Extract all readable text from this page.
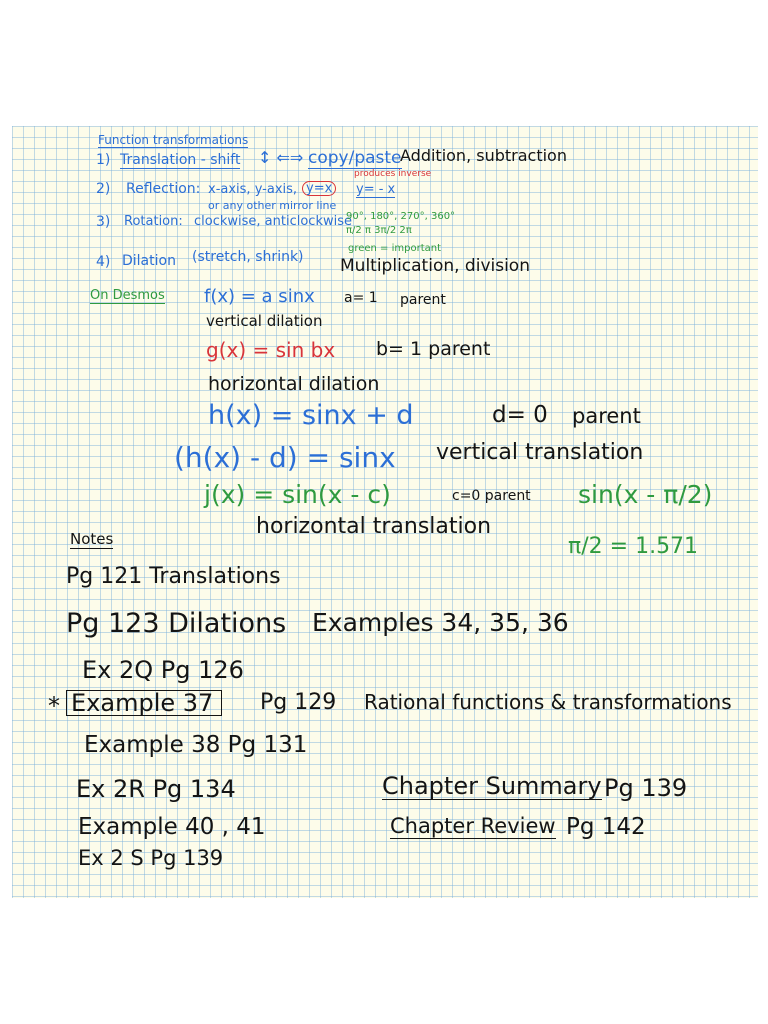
Function transformations
1) Translation - shift ↕ ⇐⇒ copy/paste
Addition, subtraction
2) Reflection: x-axis, y-axis, y=x
produces inverse
y= - x
or any other mirror line
3) Rotation: clockwise, anticlockwise
90°, 180°, 270°, 360°
π/2 π 3π/2 2π
4) Dilation (stretch, shrink)
green = important
Multiplication, division
On Desmos f(x) = a sinx a= 1 parent
vertical dilation
g(x) = sin bx b= 1 parent
horizontal dilation
h(x) = sinx + d	d= 0 parent
(h(x) - d) = sinx vertical translation
j(x) = sin(x - c)	c=0 parent sin(x - π/2)
horizontal translation
π/2 = 1.571
Notes
Pg 121 Translations
Pg 123 Dilations Examples 34, 35, 36
Ex 2Q Pg 126
* Example 37	Pg 129 Rational functions & transformations
Example 38 Pg 131
Ex 2R Pg 134	Chapter Summary Pg 139
Example 40 , 41	Chapter Review Pg 142
Ex 2 S Pg 139
